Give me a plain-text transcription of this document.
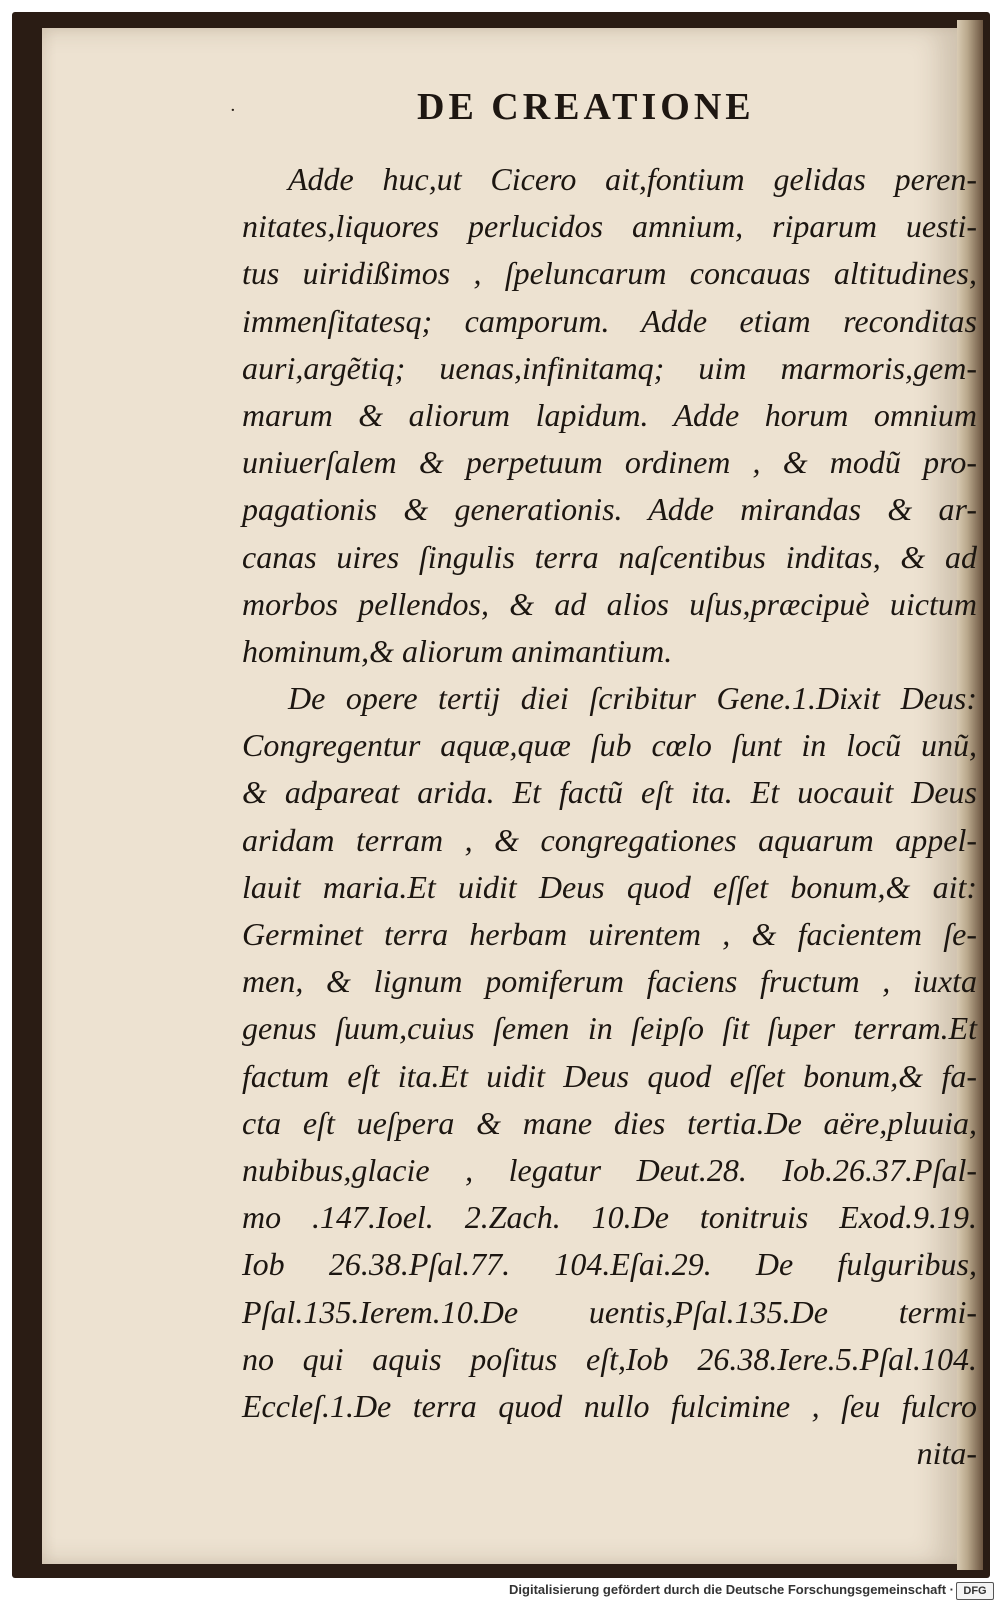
·	DE CREATIONE
Adde huc,ut Cicero ait,fontium gelidas peren-
nitates,liquores perlucidos amnium, riparum uesti-
tus uiridißimos , ſpeluncarum concauas altitudines,
immenſitatesq; camporum. Adde etiam reconditas
auri,argẽtiq; uenas,infinitamq; uim marmoris,gem-
marum & aliorum lapidum. Adde horum omnium
uniuerſalem & perpetuum ordinem , & modũ pro-
pagationis & generationis. Adde mirandas & ar-
canas uires ſingulis terra naſcentibus inditas, & ad
morbos pellendos, & ad alios uſus,præcipuè uictum
hominum,& aliorum animantium.
De opere tertij diei ſcribitur Gene.1.Dixit Deus:
Congregentur aquæ,quæ ſub cœlo ſunt in locũ unũ,
& adpareat arida. Et factũ eſt ita. Et uocauit Deus
aridam terram , & congregationes aquarum appel-
lauit maria.Et uidit Deus quod eſſet bonum,& ait:
Germinet terra herbam uirentem , & facientem ſe-
men, & lignum pomiferum faciens fructum , iuxta
genus ſuum,cuius ſemen in ſeipſo ſit ſuper terram.Et
factum eſt ita.Et uidit Deus quod eſſet bonum,& fa-
cta eſt ueſpera & mane dies tertia.De aëre,pluuia,
nubibus,glacie , legatur Deut.28. Iob.26.37.Pſal-
mo .147.Ioel. 2.Zach. 10.De tonitruis Exod.9.19.
Iob 26.38.Pſal.77. 104.Eſai.29. De fulguribus,
Pſal.135.Ierem.10.De uentis,Pſal.135.De termi-
no qui aquis poſitus eſt,Iob 26.38.Iere.5.Pſal.104.
Eccleſ.1.De terra quod nullo fulcimine , ſeu fulcro
nita-
Digitalisierung gefördert durch die Deutsche Forschungsgemeinschaft · DFG
